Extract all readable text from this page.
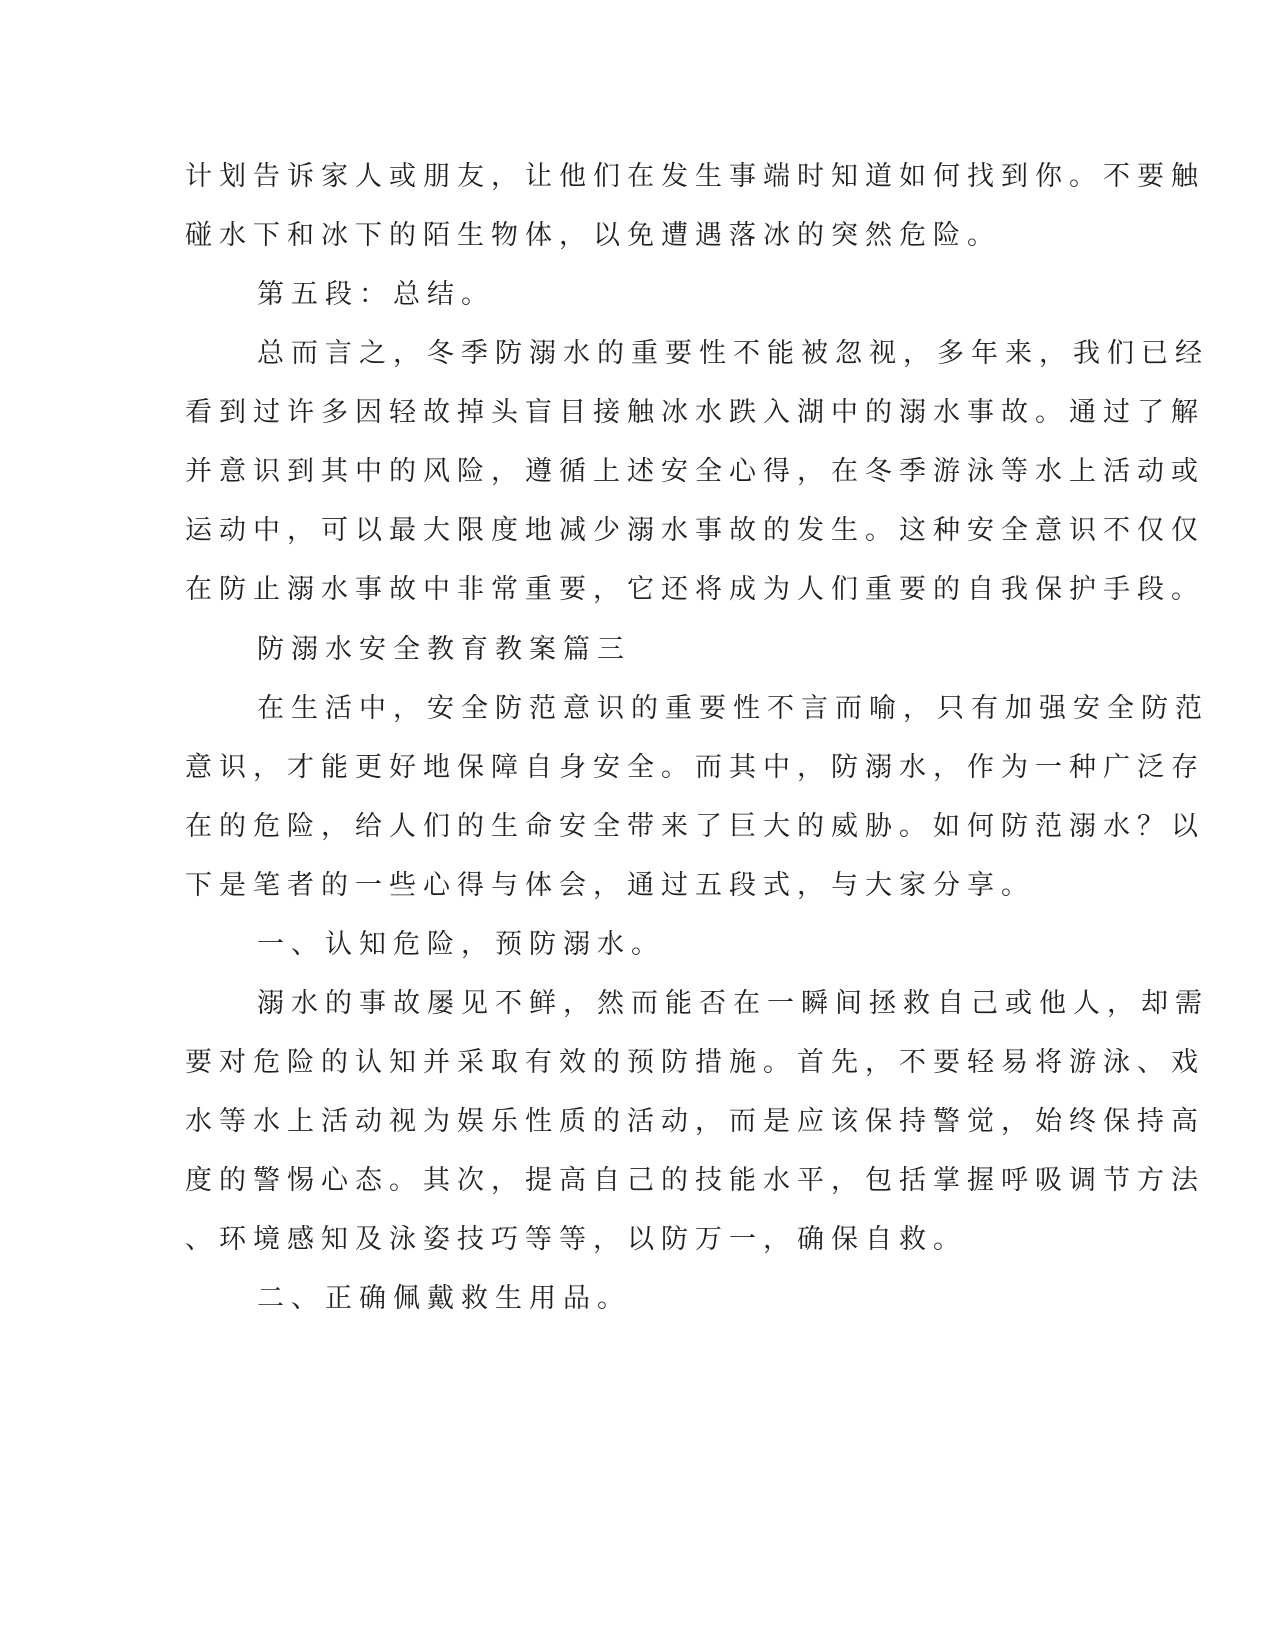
计划告诉家人或朋友，让他们在发生事端时知道如何找到你。不要触
碰水下和冰下的陌生物体，以免遭遇落冰的突然危险。
第五段：总结。
总而言之，冬季防溺水的重要性不能被忽视，多年来，我们已经
看到过许多因轻故掉头盲目接触冰水跌入湖中的溺水事故。通过了解
并意识到其中的风险，遵循上述安全心得，在冬季游泳等水上活动或
运动中，可以最大限度地减少溺水事故的发生。这种安全意识不仅仅
在防止溺水事故中非常重要，它还将成为人们重要的自我保护手段。
防溺水安全教育教案篇三
在生活中，安全防范意识的重要性不言而喻，只有加强安全防范
意识，才能更好地保障自身安全。而其中，防溺水，作为一种广泛存
在的危险，给人们的生命安全带来了巨大的威胁。如何防范溺水？以
下是笔者的一些心得与体会，通过五段式，与大家分享。
一、认知危险，预防溺水。
溺水的事故屡见不鲜，然而能否在一瞬间拯救自己或他人，却需
要对危险的认知并采取有效的预防措施。首先，不要轻易将游泳、戏
水等水上活动视为娱乐性质的活动，而是应该保持警觉，始终保持高
度的警惕心态。其次，提高自己的技能水平，包括掌握呼吸调节方法
、环境感知及泳姿技巧等等，以防万一，确保自救。
二、正确佩戴救生用品。
